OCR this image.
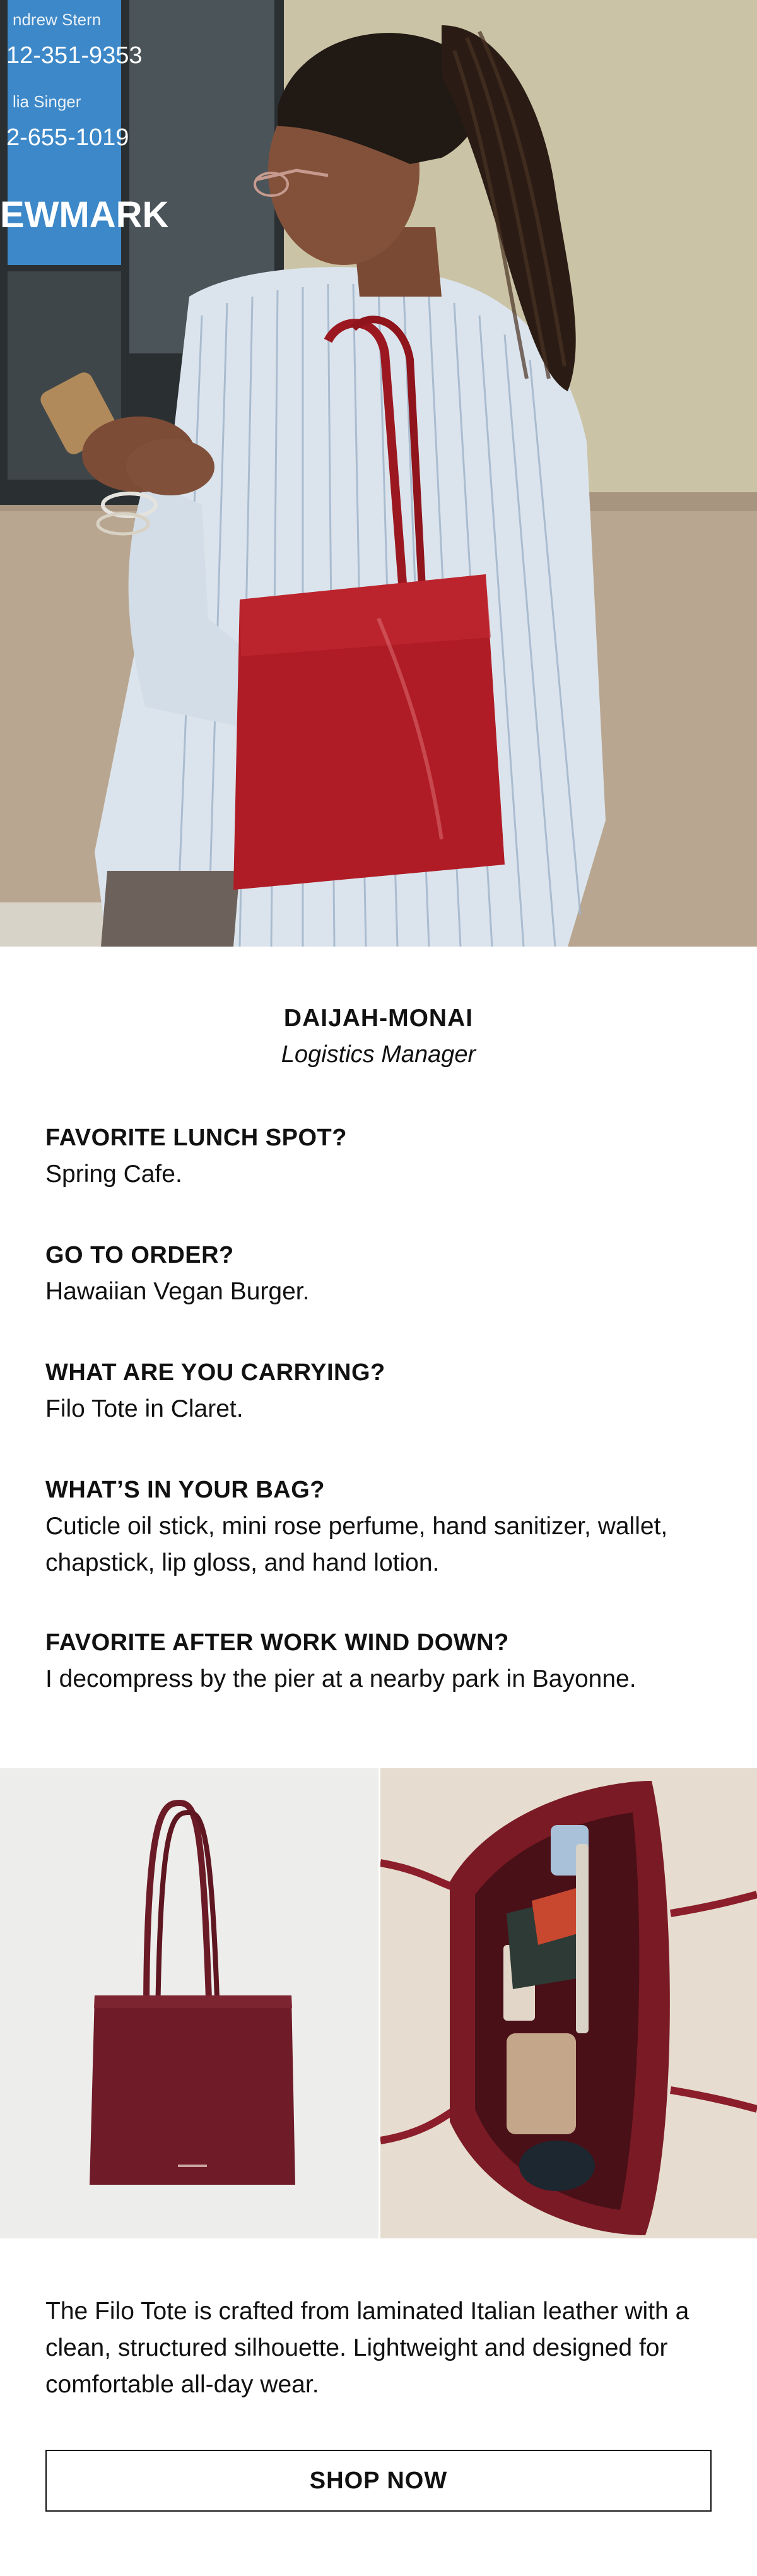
ndrew Stern
12-351-9353
lia Singer
2-655-1019
EWMARK
DAIJAH-MONAI
Logistics Manager
FAVORITE LUNCH SPOT?
Spring Cafe.
GO TO ORDER?
Hawaiian Vegan Burger.
WHAT ARE YOU CARRYING?
Filo Tote in Claret.
WHAT’S IN YOUR BAG?
Cuticle oil stick, mini rose perfume, hand sanitizer, wallet, chapstick, lip gloss, and hand lotion.
FAVORITE AFTER WORK WIND DOWN?
I decompress by the pier at a nearby park in Bayonne.
The Filo Tote is crafted from laminated Italian leather with a clean, structured silhouette. Lightweight and designed for comfortable all-day wear.
SHOP NOW
